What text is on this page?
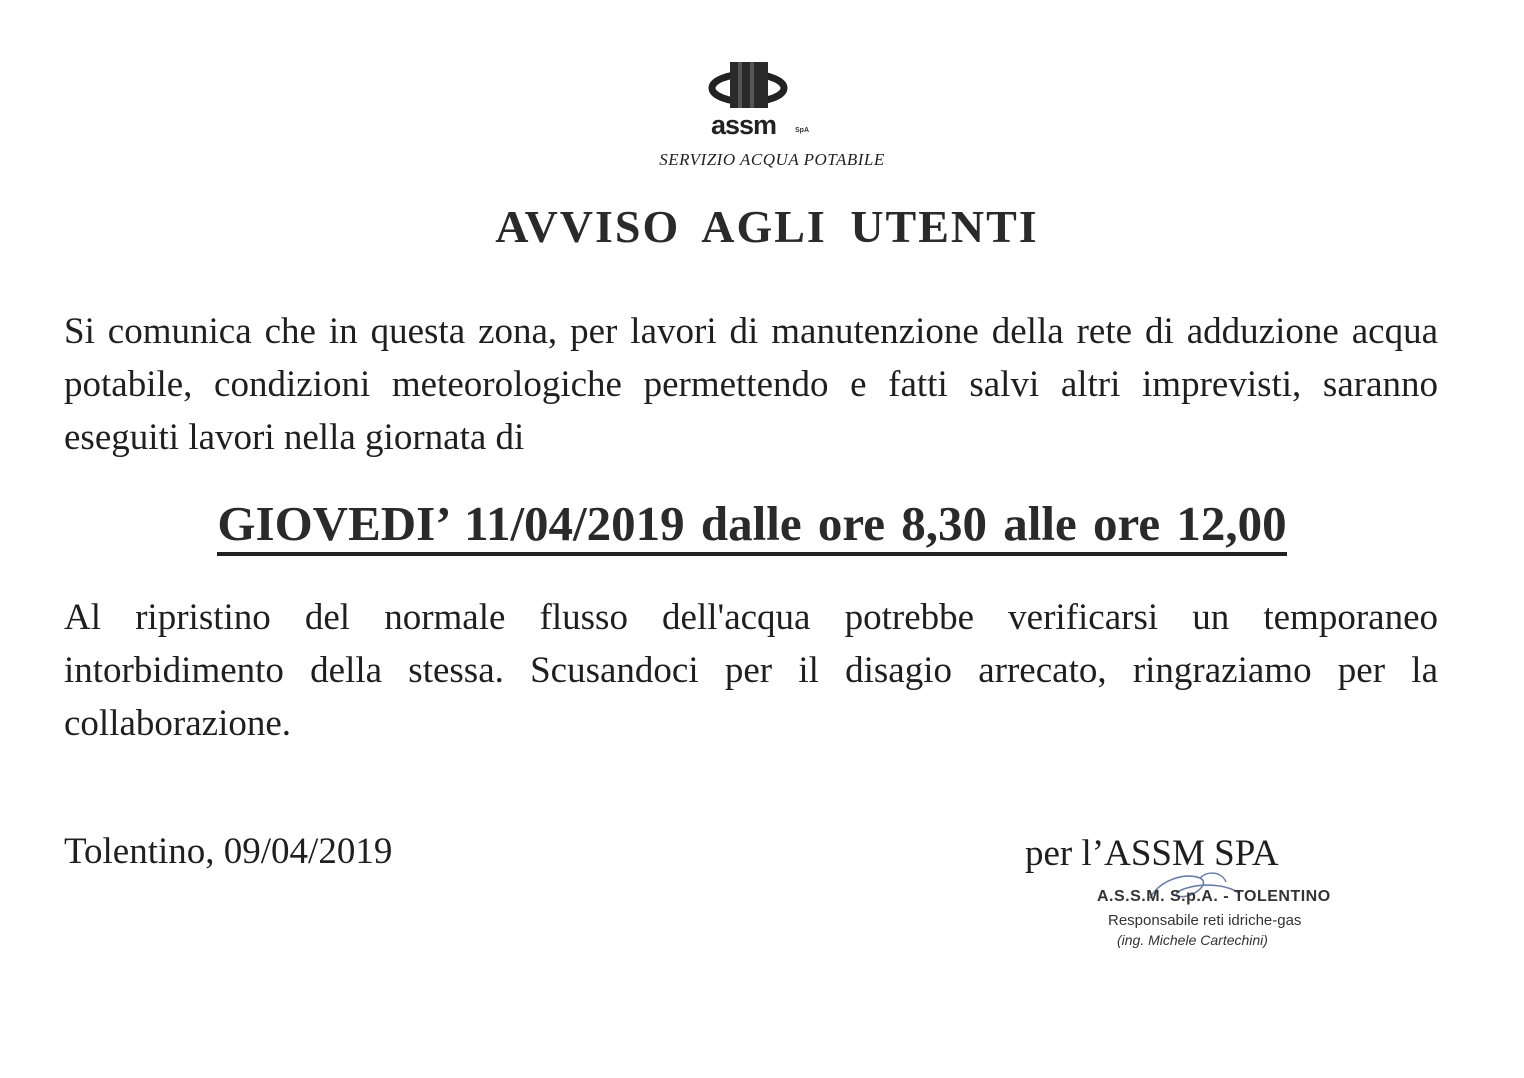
assm	SpA
SERVIZIO ACQUA POTABILE
AVVISO AGLI UTENTI

Si comunica che in questa zona, per lavori di manutenzione della rete di adduzione acqua potabile, condizioni meteorologiche permettendo e fatti salvi altri imprevisti, saranno eseguiti lavori nella giornata di

GIOVEDI’ 11/04/2019 dalle ore 8,30 alle ore 12,00

Al ripristino del normale flusso dell'acqua potrebbe verificarsi un temporaneo intorbidimento della stessa. Scusandoci per il disagio arrecato, ringraziamo per la collaborazione.

Tolentino, 09/04/2019	per l’ASSM SPA
A.S.S.M. S.p.A. - TOLENTINO
Responsabile reti idriche-gas
(ing. Michele Cartechini)
